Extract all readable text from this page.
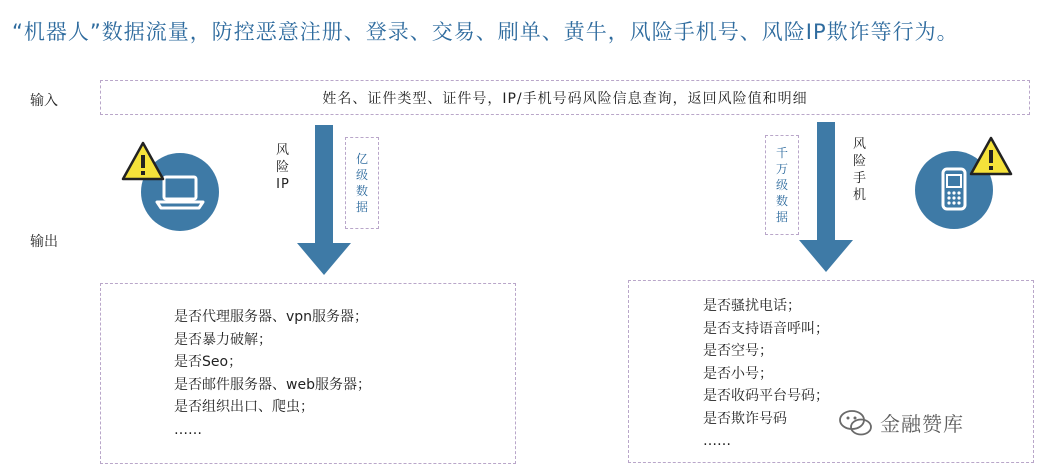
“机器人”数据流量，防控恶意注册、登录、交易、刷单、黄牛，风险手机号、风险IP欺诈等行为。
输入
输出
姓名、证件类型、证件号，IP/手机号码风险信息查询，返回风险值和明细
风
险
IP
亿
级
数
据
风
险
手
机
千
万
级
数
据
是否代理服务器、vpn服务器；
是否暴力破解；
是否Seo；
是否邮件服务器、web服务器；
是否组织出口、爬虫；
……
是否骚扰电话；
是否支持语音呼叫；
是否空号；
是否小号；
是否收码平台号码；
是否欺诈号码
……
金融赞库
